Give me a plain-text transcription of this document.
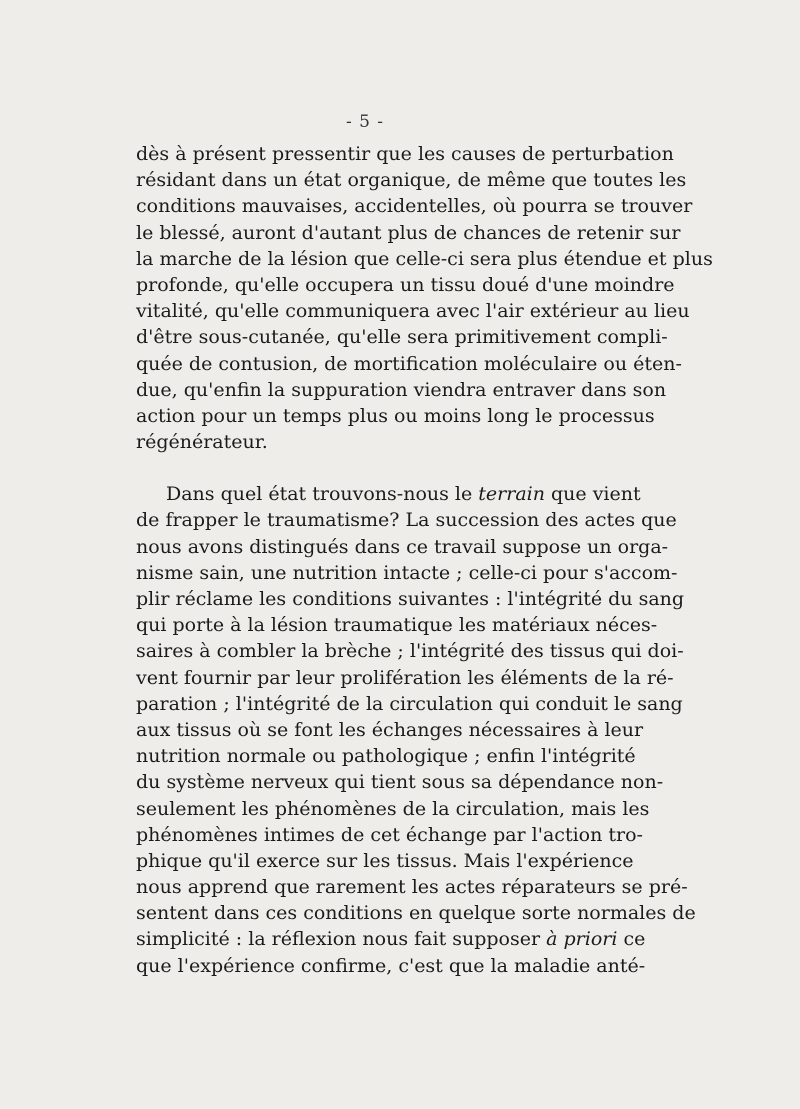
- 5 -
dès à présent pressentir que les causes de perturbation
résidant dans un état organique, de même que toutes les
conditions mauvaises, accidentelles, où pourra se trouver
le blessé, auront d'autant plus de chances de retenir sur
la marche de la lésion que celle-ci sera plus étendue et plus
profonde, qu'elle occupera un tissu doué d'une moindre
vitalité, qu'elle communiquera avec l'air extérieur au lieu
d'être sous-cutanée, qu'elle sera primitivement compli-
quée de contusion, de mortification moléculaire ou éten-
due, qu'enfin la suppuration viendra entraver dans son
action pour un temps plus ou moins long le processus
régénérateur.
Dans quel état trouvons-nous le terrain que vient
de frapper le traumatisme? La succession des actes que
nous avons distingués dans ce travail suppose un orga-
nisme sain, une nutrition intacte ; celle-ci pour s'accom-
plir réclame les conditions suivantes : l'intégrité du sang
qui porte à la lésion traumatique les matériaux néces-
saires à combler la brèche ; l'intégrité des tissus qui doi-
vent fournir par leur prolifération les éléments de la ré-
paration ; l'intégrité de la circulation qui conduit le sang
aux tissus où se font les échanges nécessaires à leur
nutrition normale ou pathologique ; enfin l'intégrité
du système nerveux qui tient sous sa dépendance non-
seulement les phénomènes de la circulation, mais les
phénomènes intimes de cet échange par l'action tro-
phique qu'il exerce sur les tissus. Mais l'expérience
nous apprend que rarement les actes réparateurs se pré-
sentent dans ces conditions en quelque sorte normales de
simplicité : la réflexion nous fait supposer à priori ce
que l'expérience confirme, c'est que la maladie anté-
